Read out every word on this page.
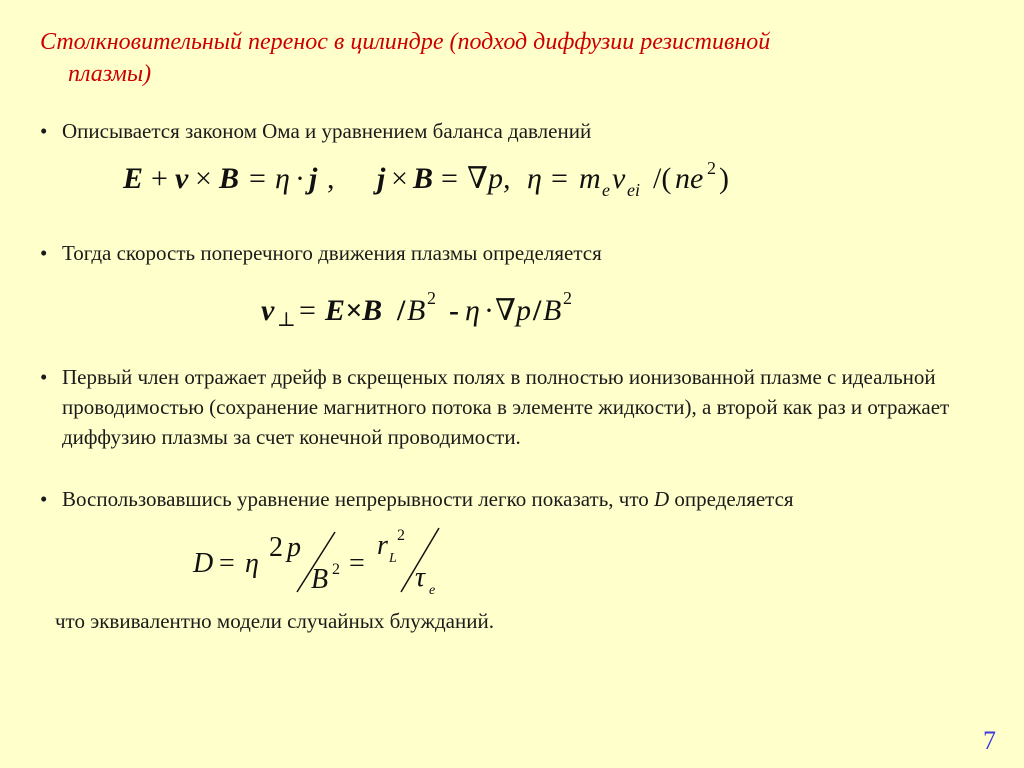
Столкновительный перенос в цилиндре (подход диффузии резистивной
плазмы)
• Описывается законом Ома и уравнением баланса давлений
E + v × B = η · j , j × B = ∇p, η = m e ν ei /( ne 2 )
• Тогда скорость поперечного движения плазмы определяется
v ⊥ = E×B / B 2 - η · ∇p / B 2
• Первый член отражает дрейф в скрещеных полях в полностью ионизованной плазме с идеальной проводимостью (сохранение магнитного потока в элементе жидкости), а второй как раз и отражает диффузию плазмы за счет конечной проводимости.
• Воспользовавшись уравнение непрерывности легко показать, что D определяется
D = η
2 p
B 2 =
r L
2
τ e
что эквивалентно модели случайных блужданий.
7
